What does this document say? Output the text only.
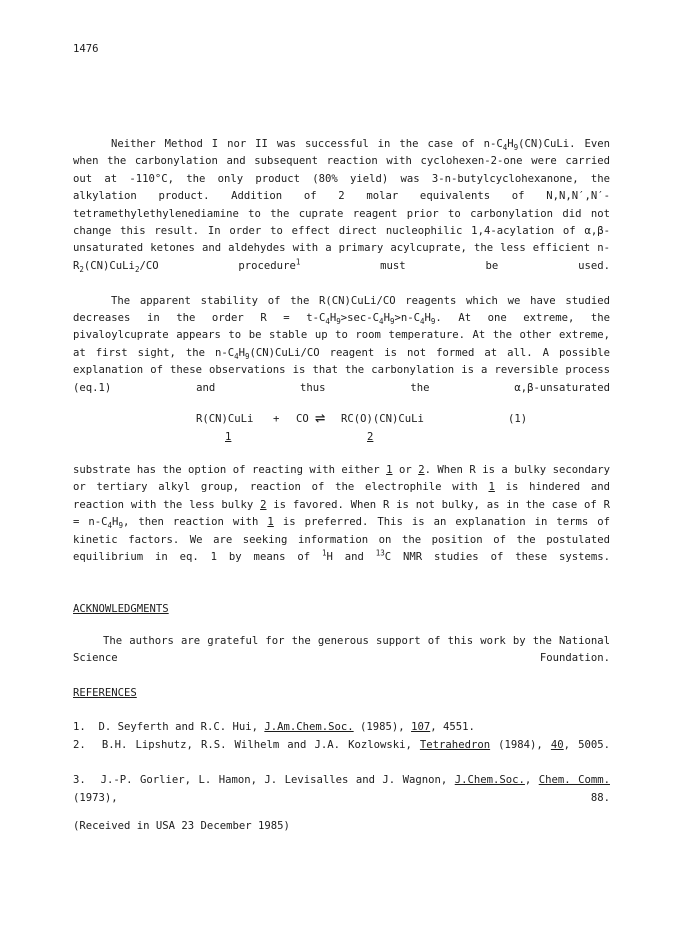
1476

Neither Method I nor II was successful in the case of $n-C_4H_9(CN)CuLi$. Even when the carbonylation and subsequent reaction with cyclohexen-2-one were carried out at -110°C, the only product (80% yield) was 3-n-butylcyclohexanone, the alkylation product. Addition of 2 molar equivalents of N,N,N′,N′-tetramethylethylenediamine to the cuprate reagent prior to carbonylation did not change this result. In order to effect direct nucleophilic 1,4-acylation of α,β-unsaturated ketones and aldehydes with a primary acylcuprate, the less efficient $n-R_2(CN)CuLi_2/CO$ procedure$^1$ must be used.

The apparent stability of the R(CN)CuLi/CO reagents which we have studied decreases in the order $R = t-C_4H_9>\sec-C_4H_9>n-C_4H_9$. At one extreme, the pivaloylcuprate appears to be stable up to room temperature. At the other extreme, at first sight, the $n-C_4H_9(CN)CuLi/CO$ reagent is not formed at all. A possible explanation of these observations is that the carbonylation is a reversible process (eq.1) and thus the α,β-unsaturated

R(CN)CuLi + CO ⇌ RC(O)(CN)CuLi	(1)
1	2

substrate has the option of reacting with either 1 or 2. When R is a bulky secondary or tertiary alkyl group, reaction of the electrophile with 1 is hindered and reaction with the less bulky 2 is favored. When R is not bulky, as in the case of $R = n-C_4H_9$, then reaction with 1 is preferred. This is an explanation in terms of kinetic factors. We are seeking information on the position of the postulated equilibrium in eq. 1 by means of $^1$H and $^{13}$C NMR studies of these systems.

ACKNOWLEDGMENTS

The authors are grateful for the generous support of this work by the National Science Foundation.

REFERENCES

1. D. Seyferth and R.C. Hui, J.Am.Chem.Soc. (1985), 107, 4551.

2. B.H. Lipshutz, R.S. Wilhelm and J.A. Kozlowski, Tetrahedron (1984), 40, 5005.

3. J.-P. Gorlier, L. Hamon, J. Levisalles and J. Wagnon, J.Chem.Soc., Chem. Comm. (1973), 88.

(Received in USA 23 December 1985)
